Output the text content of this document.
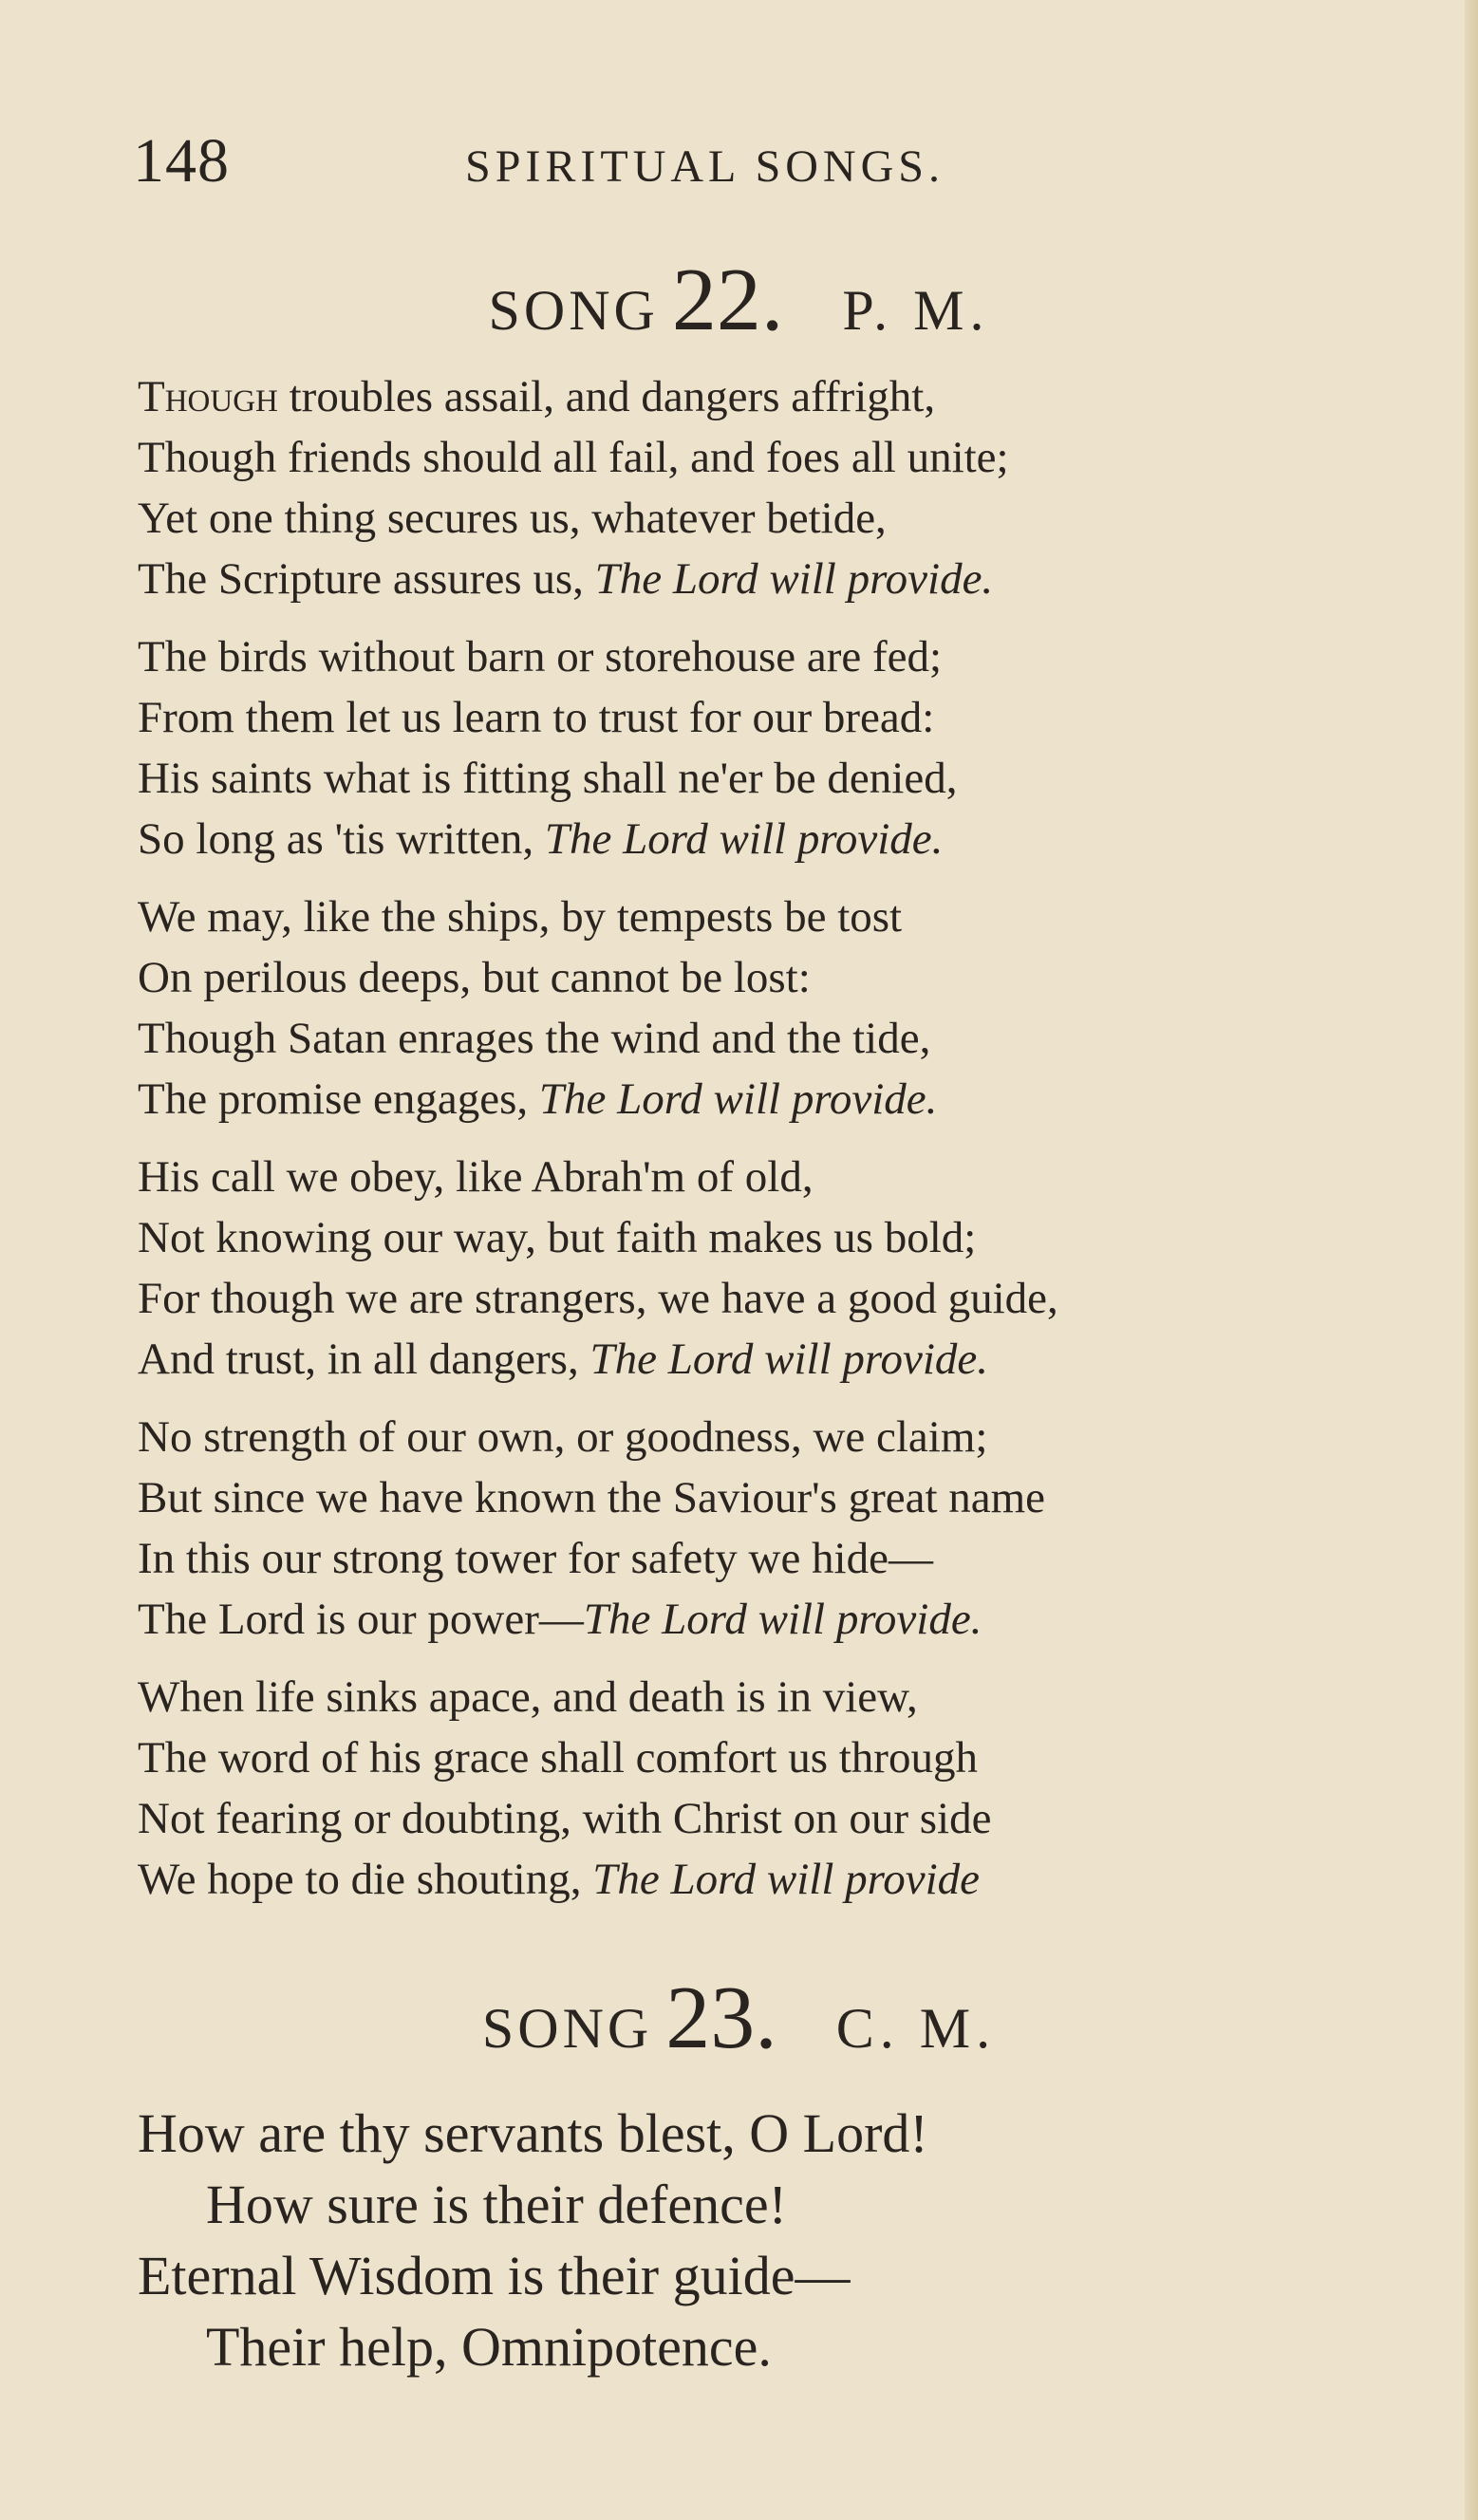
148	SPIRITUAL SONGS.
SONG 22. P. M.
Though troubles assail, and dangers affright,
Though friends should all fail, and foes all unite;
Yet one thing secures us, whatever betide,
The Scripture assures us, The Lord will provide.
The birds without barn or storehouse are fed;
From them let us learn to trust for our bread:
His saints what is fitting shall ne'er be denied,
So long as 'tis written, The Lord will provide.
We may, like the ships, by tempests be tost
On perilous deeps, but cannot be lost:
Though Satan enrages the wind and the tide,
The promise engages, The Lord will provide.
His call we obey, like Abrah'm of old,
Not knowing our way, but faith makes us bold;
For though we are strangers, we have a good guide,
And trust, in all dangers, The Lord will provide.
No strength of our own, or goodness, we claim;
But since we have known the Saviour's great name
In this our strong tower for safety we hide—
The Lord is our power—The Lord will provide.
When life sinks apace, and death is in view,
The word of his grace shall comfort us through
Not fearing or doubting, with Christ on our side
We hope to die shouting, The Lord will provide
SONG 23. C. M.
How are thy servants blest, O Lord!
How sure is their defence!
Eternal Wisdom is their guide—
Their help, Omnipotence.
